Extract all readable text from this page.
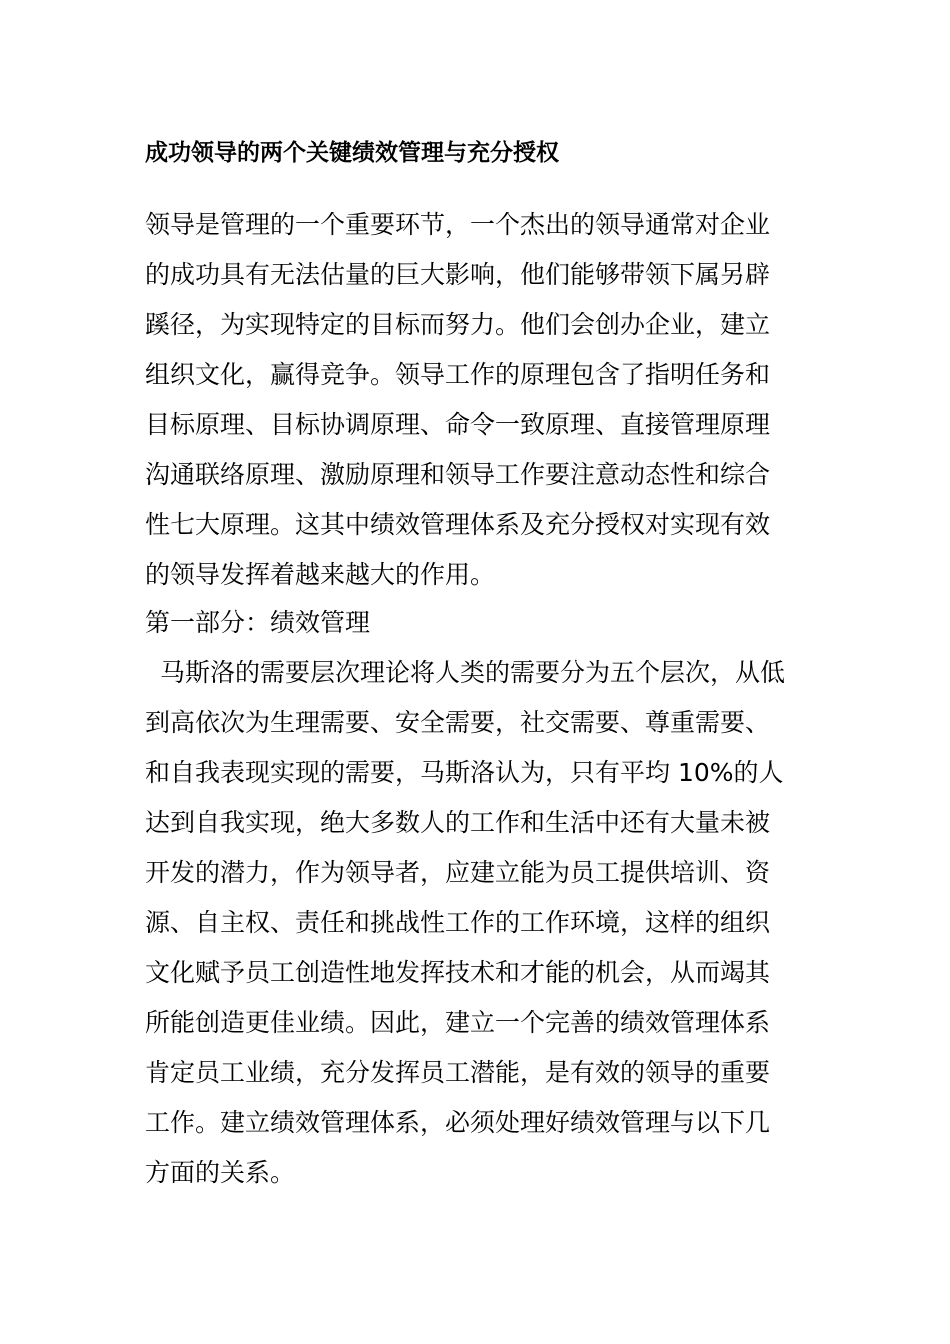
成功领导的两个关键绩效管理与充分授权
领导是管理的一个重要环节，一个杰出的领导通常对企业
的成功具有无法估量的巨大影响，他们能够带领下属另辟
蹊径，为实现特定的目标而努力。他们会创办企业，建立
组织文化，赢得竞争。领导工作的原理包含了指明任务和
目标原理、目标协调原理、命令一致原理、直接管理原理
沟通联络原理、激励原理和领导工作要注意动态性和综合
性七大原理。这其中绩效管理体系及充分授权对实现有效
的领导发挥着越来越大的作用。
第一部分：绩效管理
马斯洛的需要层次理论将人类的需要分为五个层次，从低
到高依次为生理需要、安全需要，社交需要、尊重需要、
和自我表现实现的需要，马斯洛认为，只有平均 10%的人
达到自我实现，绝大多数人的工作和生活中还有大量未被
开发的潜力，作为领导者，应建立能为员工提供培训、资
源、自主权、责任和挑战性工作的工作环境，这样的组织
文化赋予员工创造性地发挥技术和才能的机会，从而竭其
所能创造更佳业绩。因此，建立一个完善的绩效管理体系
肯定员工业绩，充分发挥员工潜能，是有效的领导的重要
工作。建立绩效管理体系，必须处理好绩效管理与以下几
方面的关系。
